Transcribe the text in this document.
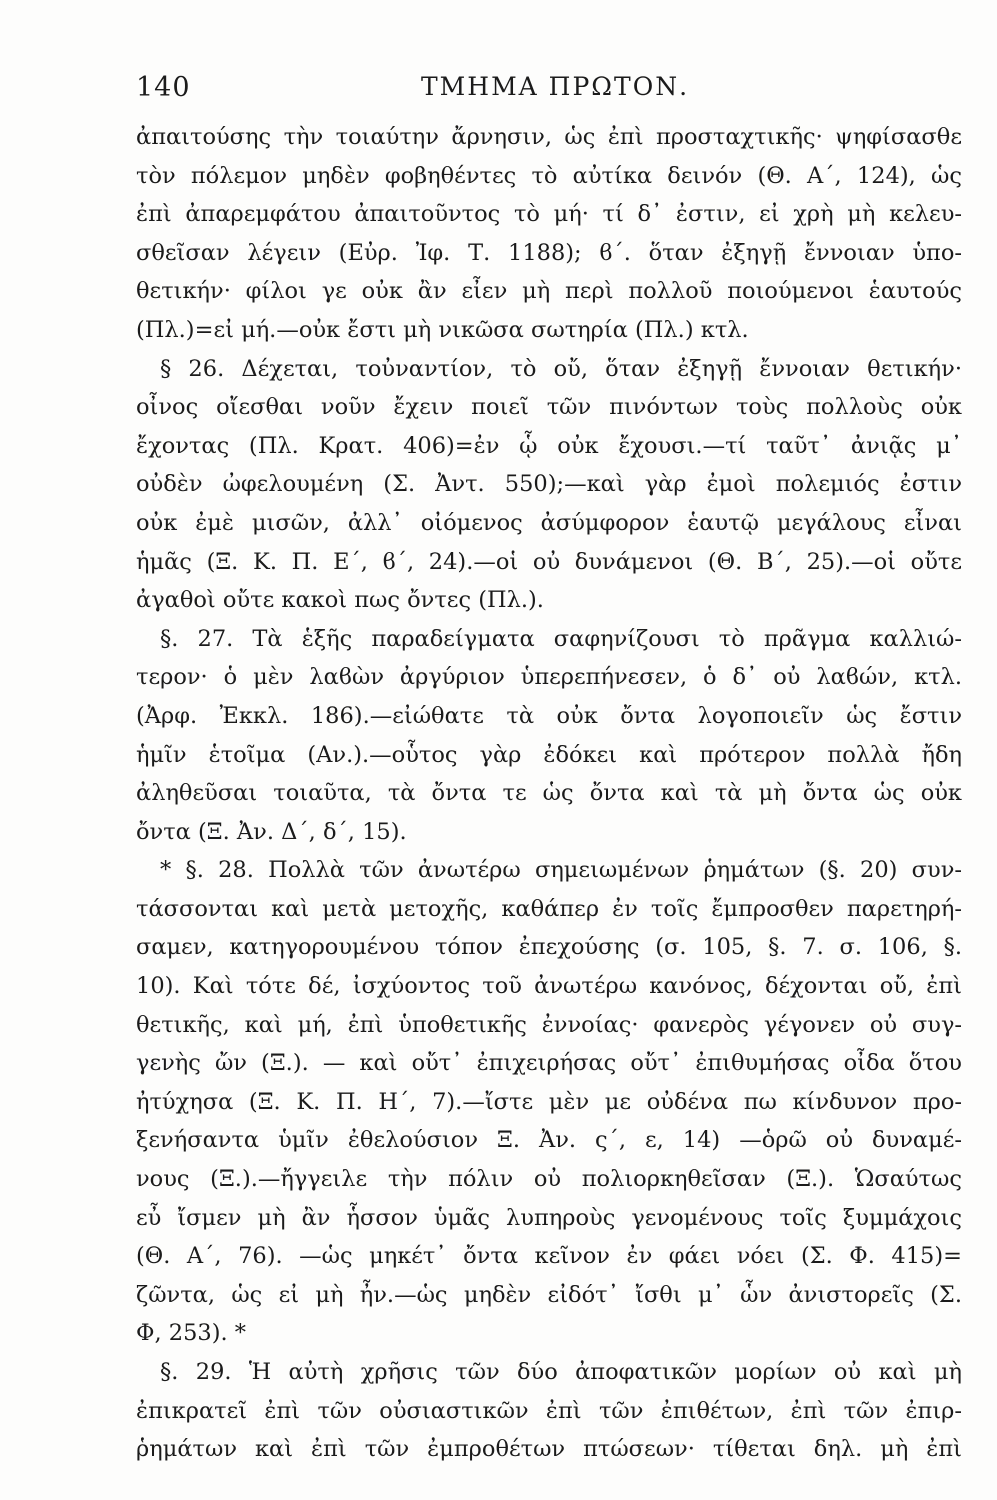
140	ΤΜΗΜΑ ΠΡΩΤΟΝ.
ἀπαιτούσης τὴν τοιαύτην ἄρνησιν, ὡς ἐπὶ προσταχτικῆς· ψηφίσασθε
τὸν πόλεμον μηδὲν φοβηθέντες τὸ αὐτίκα δεινόν (Θ. Α΄, 124), ὡς
ἐπὶ ἀπαρεμφάτου ἀπαιτοῦντος τὸ μή· τί δ᾽ ἐστιν, εἰ χρὴ μὴ κελευ-
σθεῖσαν λέγειν (Εὐρ. Ἰφ. Τ. 1188); ϐ΄. ὅταν ἐξηγῇ ἔννοιαν ὑπο-
θετικήν· φίλοι γε οὐκ ἂν εἶεν μὴ περὶ πολλοῦ ποιούμενοι ἑαυτούς
(Πλ.)=εἰ μή.—οὐκ ἔστι μὴ νικῶσα σωτηρία (Πλ.) κτλ.
§ 26. Δέχεται, τοὐναντίον, τὸ οὔ, ὅταν ἐξηγῇ ἔννοιαν θετικήν·
οἶνος οἴεσθαι νοῦν ἔχειν ποιεῖ τῶν πινόντων τοὺς πολλοὺς οὐκ
ἔχοντας (Πλ. Κρατ. 406)=ἐν ᾧ οὐκ ἔχουσι.—τί ταῦτ᾽ ἀνιᾷς μ᾽
οὐδὲν ὠφελουμένη (Σ. Ἀντ. 550);—καὶ γὰρ ἐμοὶ πολεμιός ἐστιν
οὐκ ἐμὲ μισῶν, ἀλλ᾽ οἰόμενος ἀσύμφορον ἑαυτῷ μεγάλους εἶναι
ἡμᾶς (Ξ. Κ. Π. Ε΄, ϐ΄, 24).—οἱ οὐ δυνάμενοι (Θ. Β΄, 25).—οἱ οὔτε
ἀγαθοὶ οὔτε κακοὶ πως ὄντες (Πλ.).
§. 27. Τὰ ἑξῆς παραδείγματα σαφηνίζουσι τὸ πρᾶγμα καλλιώ-
τερον· ὁ μὲν λαϐὼν ἀργύριον ὑπερεπήνεσεν, ὁ δ᾽ οὐ λαϐών, κτλ.
(Ἀρφ. Ἐκκλ. 186).—εἰώθατε τὰ οὐκ ὄντα λογοποιεῖν ὡς ἔστιν
ἡμῖν ἑτοῖμα (Αν.).—οὗτος γὰρ ἐδόκει καὶ πρότερον πολλὰ ἤδη
ἀληθεῦσαι τοιαῦτα, τὰ ὄντα τε ὡς ὄντα καὶ τὰ μὴ ὄντα ὡς οὐκ
ὄντα (Ξ. Ἀν. Δ΄, δ΄, 15).
* §. 28. Πολλὰ τῶν ἀνωτέρω σημειωμένων ῥημάτων (§. 20) συν-
τάσσονται καὶ μετὰ μετοχῆς, καθάπερ ἐν τοῖς ἔμπροσθεν παρετηρή-
σαμεν, κατηγορουμένου τόπον ἐπεχούσης (σ. 105, §. 7. σ. 106, §.
10). Καὶ τότε δέ, ἰσχύοντος τοῦ ἀνωτέρω κανόνος, δέχονται οὔ, ἐπὶ
θετικῆς, καὶ μή, ἐπὶ ὑποθετικῆς ἐννοίας· φανερὸς γέγονεν οὐ συγ-
γενὴς ὤν (Ξ.). — καὶ οὔτ᾽ ἐπιχειρήσας οὔτ᾽ ἐπιθυμήσας οἶδα ὅτου
ἠτύχησα (Ξ. Κ. Π. Η΄, 7).—ἴστε μὲν με οὐδένα πω κίνδυνον προ-
ξενήσαντα ὑμῖν ἐθελούσιον Ξ. Ἀν. ς΄, ε, 14) —ὁρῶ οὐ δυναμέ-
νους (Ξ.).—ἤγγειλε τὴν πόλιν οὐ πολιορκηθεῖσαν (Ξ.). Ὡσαύτως
εὖ ἴσμεν μὴ ἂν ἧσσον ὑμᾶς λυπηροὺς γενομένους τοῖς ξυμμάχοις
(Θ. Α΄, 76). —ὡς μηκέτ᾽ ὄντα κεῖνον ἐν φάει νόει (Σ. Φ. 415)=
ζῶντα, ὡς εἰ μὴ ἦν.—ὡς μηδὲν εἰδότ᾽ ἴσθι μ᾽ ὧν ἀνιστορεῖς (Σ.
Φ, 253). *
§. 29. Ἡ αὐτὴ χρῆσις τῶν δύο ἀποφατικῶν μορίων οὐ καὶ μὴ
ἐπικρατεῖ ἐπὶ τῶν οὐσιαστικῶν ἐπὶ τῶν ἐπιθέτων, ἐπὶ τῶν ἐπιρ-
ῥημάτων καὶ ἐπὶ τῶν ἐμπροθέτων πτώσεων· τίθεται δηλ. μὴ ἐπὶ
